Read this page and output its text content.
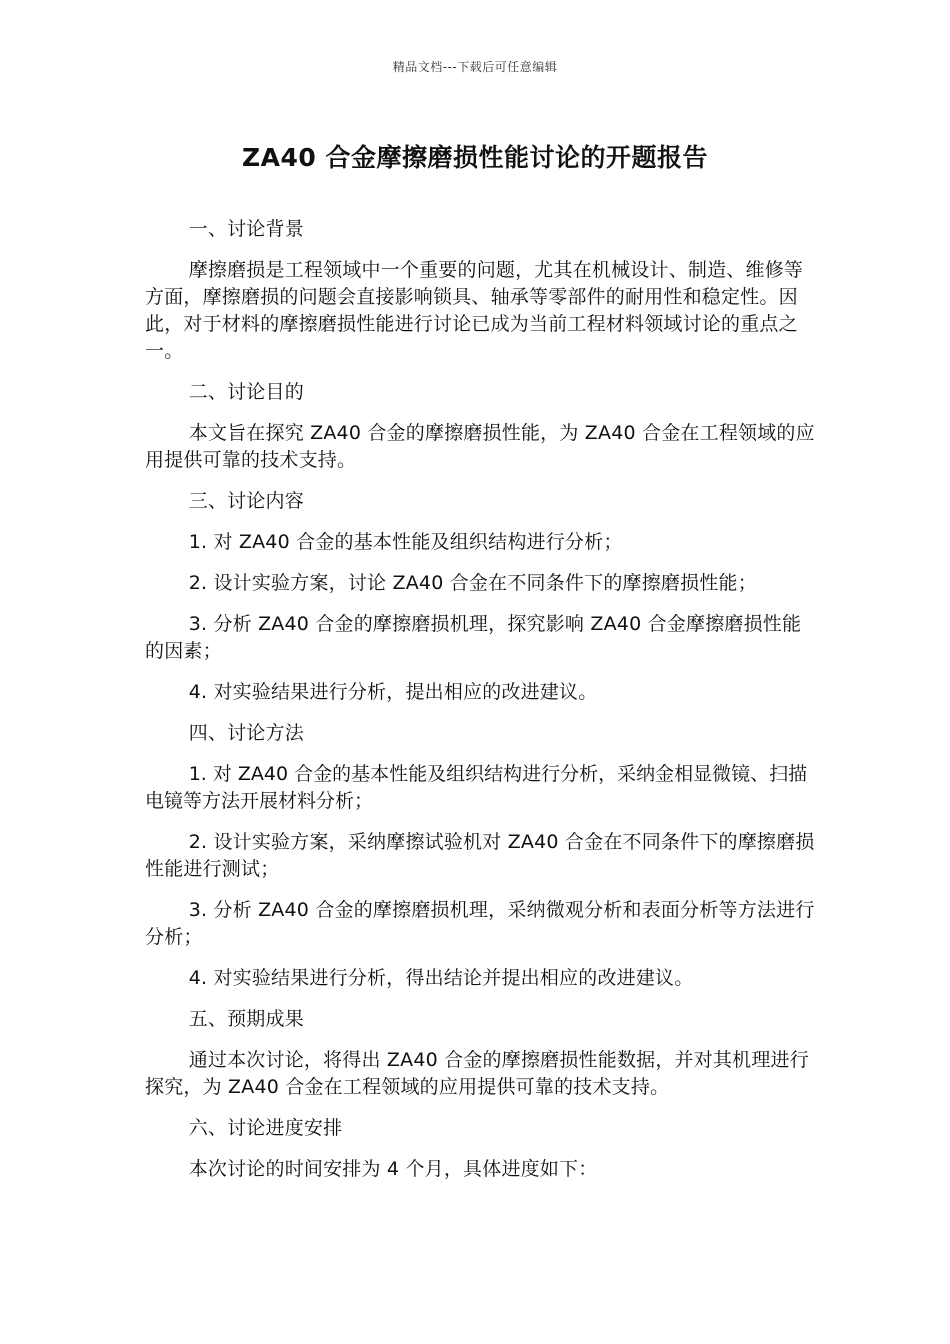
精品文档---下载后可任意编辑
ZA40 合金摩擦磨损性能讨论的开题报告

一、讨论背景

摩擦磨损是工程领域中一个重要的问题，尤其在机械设计、制造、维修等方面，摩擦磨损的问题会直接影响锁具、轴承等零部件的耐用性和稳定性。因此，对于材料的摩擦磨损性能进行讨论已成为当前工程材料领域讨论的重点之一。

二、讨论目的

本文旨在探究 ZA40 合金的摩擦磨损性能，为 ZA40 合金在工程领域的应用提供可靠的技术支持。

三、讨论内容

1. 对 ZA40 合金的基本性能及组织结构进行分析；

2. 设计实验方案，讨论 ZA40 合金在不同条件下的摩擦磨损性能；

3. 分析 ZA40 合金的摩擦磨损机理，探究影响 ZA40 合金摩擦磨损性能的因素；

4. 对实验结果进行分析，提出相应的改进建议。

四、讨论方法

1. 对 ZA40 合金的基本性能及组织结构进行分析，采纳金相显微镜、扫描电镜等方法开展材料分析；

2. 设计实验方案，采纳摩擦试验机对 ZA40 合金在不同条件下的摩擦磨损性能进行测试；

3. 分析 ZA40 合金的摩擦磨损机理，采纳微观分析和表面分析等方法进行分析；

4. 对实验结果进行分析，得出结论并提出相应的改进建议。

五、预期成果

通过本次讨论，将得出 ZA40 合金的摩擦磨损性能数据，并对其机理进行探究，为 ZA40 合金在工程领域的应用提供可靠的技术支持。

六、讨论进度安排

本次讨论的时间安排为 4 个月，具体进度如下：
